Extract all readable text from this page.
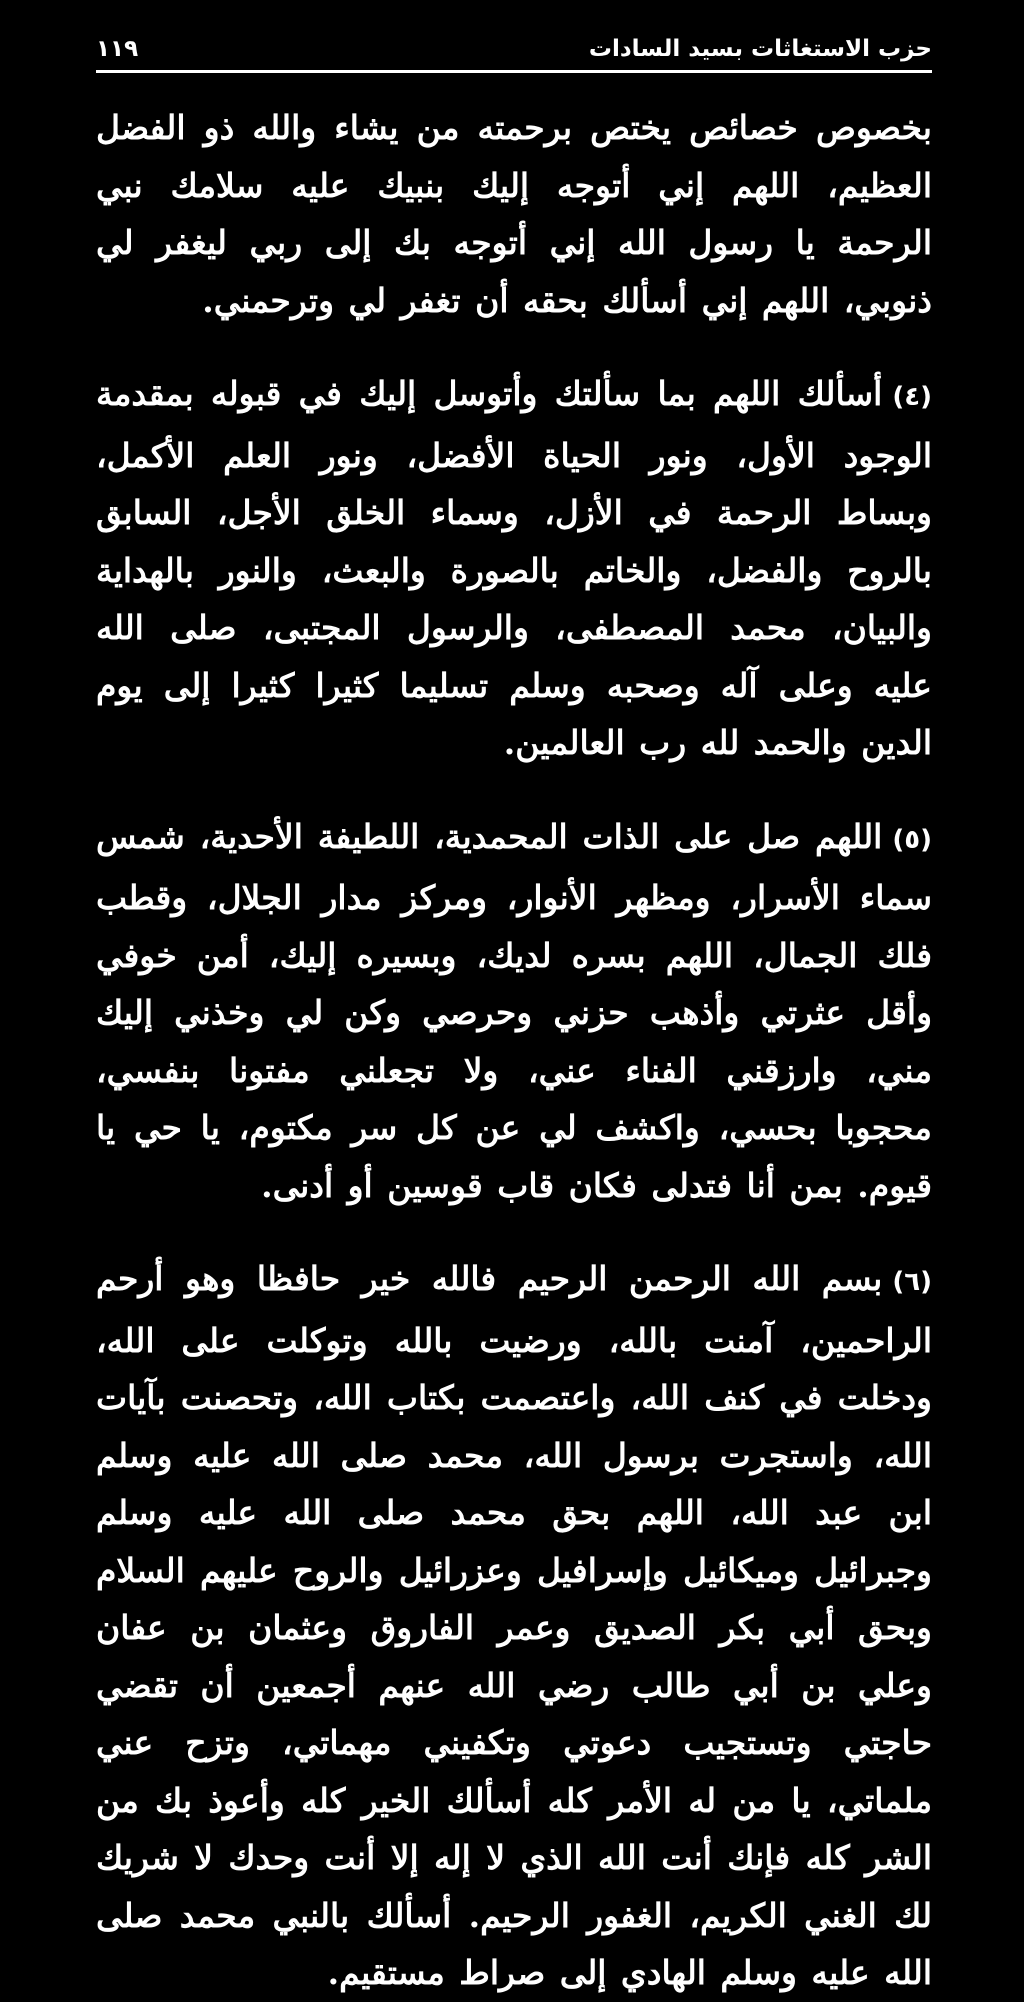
حزب الاستغاثات بسيد السادات
١١٩

بخصوص خصائص يختص برحمته من يشاء والله ذو الفضل العظيم، اللهم إني أتوجه إليك بنبيك عليه سلامك نبي الرحمة يا رسول الله إني أتوجه بك إلى ربي ليغفر لي ذنوبي، اللهم إني أسألك بحقه أن تغفر لي وترحمني.

(٤)أسألك اللهم بما سألتك وأتوسل إليك في قبوله بمقدمة الوجود الأول، ونور الحياة الأفضل، ونور العلم الأكمل، وبساط الرحمة في الأزل، وسماء الخلق الأجل، السابق بالروح والفضل، والخاتم بالصورة والبعث، والنور بالهداية والبيان، محمد المصطفى، والرسول المجتبى، صلى الله عليه وعلى آله وصحبه وسلم تسليما كثيرا كثيرا إلى يوم الدين والحمد لله رب العالمين.

(٥)اللهم صل على الذات المحمدية، اللطيفة الأحدية، شمس سماء الأسرار، ومظهر الأنوار، ومركز مدار الجلال، وقطب فلك الجمال، اللهم بسره لديك، وبسيره إليك، أمن خوفي وأقل عثرتي وأذهب حزني وحرصي وكن لي وخذني إليك مني، وارزقني الفناء عني، ولا تجعلني مفتونا بنفسي، محجوبا بحسي، واكشف لي عن كل سر مكتوم، يا حي يا قيوم. بمن أنا فتدلى فكان قاب قوسين أو أدنى.

(٦)بسم الله الرحمن الرحيم فالله خير حافظا وهو أرحم الراحمين، آمنت بالله، ورضيت بالله وتوكلت على الله، ودخلت في كنف الله، واعتصمت بكتاب الله، وتحصنت بآيات الله، واستجرت برسول الله، محمد صلى الله عليه وسلم ابن عبد الله، اللهم بحق محمد صلى الله عليه وسلم وجبرائيل وميكائيل وإسرافيل وعزرائيل والروح عليهم السلام وبحق أبي بكر الصديق وعمر الفاروق وعثمان بن عفان وعلي بن أبي طالب رضي الله عنهم أجمعين أن تقضي حاجتي وتستجيب دعوتي وتكفيني مهماتي، وتزح عني ملماتي، يا من له الأمر كله أسألك الخير كله وأعوذ بك من الشر كله فإنك أنت الله الذي لا إله إلا أنت وحدك لا شريك لك الغني الكريم، الغفور الرحيم. أسألك بالنبي محمد صلى الله عليه وسلم الهادي إلى صراط مستقيم.
